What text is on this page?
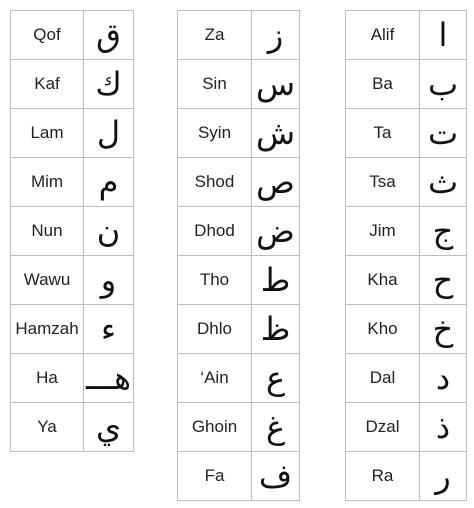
Qof	ق
Kaf	ك
Lam	ل
Mim	م
Nun	ن
Wawu	و
Hamzah	ء
Ha	هـــ
Ya	ي
Za	ز
Sin	س
Syin	ش
Shod	ص
Dhod	ض
Tho	ط
Dhlo	ظ
‘Ain	ع
Ghoin	غ
Fa	ف
Alif	ا
Ba	ب
Ta	ت
Tsa	ث
Jim	ج
Kha	ح
Kho	خ
Dal	د
Dzal	ذ
Ra	ر
